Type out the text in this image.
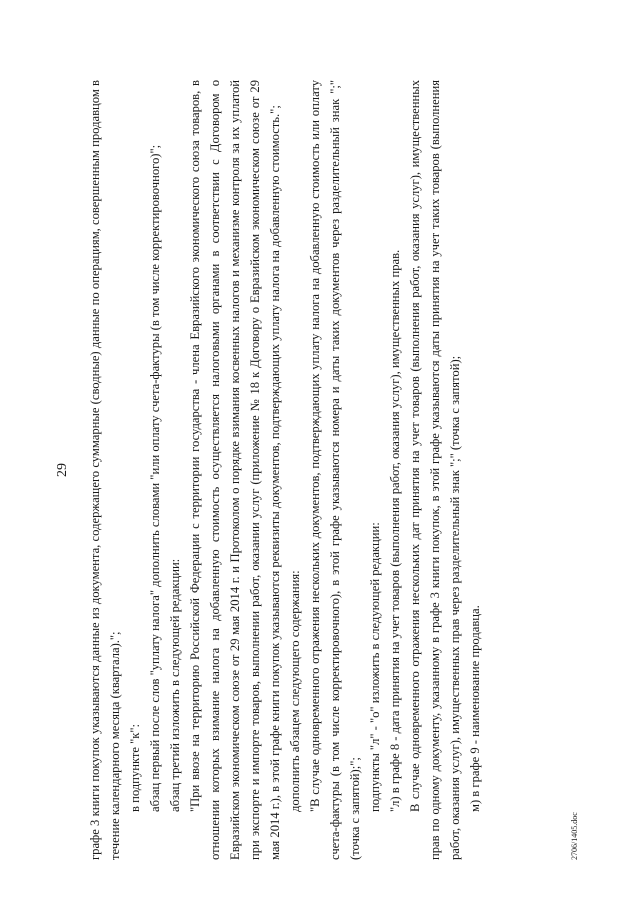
29 графе 3 книги покупок указываются данные из документа, содержащего суммарные (сводные) данные по операциям, совершенным продавцом в течение календарного месяца (квартала)."; в подпункте "к": абзац первый после слов "уплату налога" дополнить словами "или оплату счета-фактуры (в том числе корректировочного)"; абзац третий изложить в следующей редакции: "При ввозе на территорию Российской Федерации с территории государства - члена Евразийского экономического союза товаров, в отношении которых взимание налога на добавленную стоимость осуществляется налоговыми органами в соответствии с Договором о Евразийском экономическом союзе от 29 мая 2014 г. и Протоколом о порядке взимания косвенных налогов и механизме контроля за их уплатой при экспорте и импорте товаров, выполнении работ, оказании услуг (приложение № 18 к Договору о Евразийском экономическом союзе от 29 мая 2014 г.), в этой графе книги покупок указываются реквизиты документов, подтверждающих уплату налога на добавленную стоимость."; дополнить абзацем следующего содержания: "В случае одновременного отражения нескольких документов, подтверждающих уплату налога на добавленную стоимость или оплату счета-фактуры (в том числе корректировочного), в этой графе указываются номера и даты таких документов через разделительный знак ";" (точка с запятой);"; подпункты "л" - "о" изложить в следующей редакции: "л) в графе 8 - дата принятия на учет товаров (выполнения работ, оказания услуг), имущественных прав. В случае одновременного отражения нескольких дат принятия на учет товаров (выполнения работ, оказания услуг), имущественных прав по одному документу, указанному в графе 3 книги покупок, в этой графе указываются даты принятия на учет таких товаров (выполнения работ, оказания услуг), имущественных прав через разделительный знак ";" (точка с запятой); м) в графе 9 - наименование продавца.

2706/1405.doc
